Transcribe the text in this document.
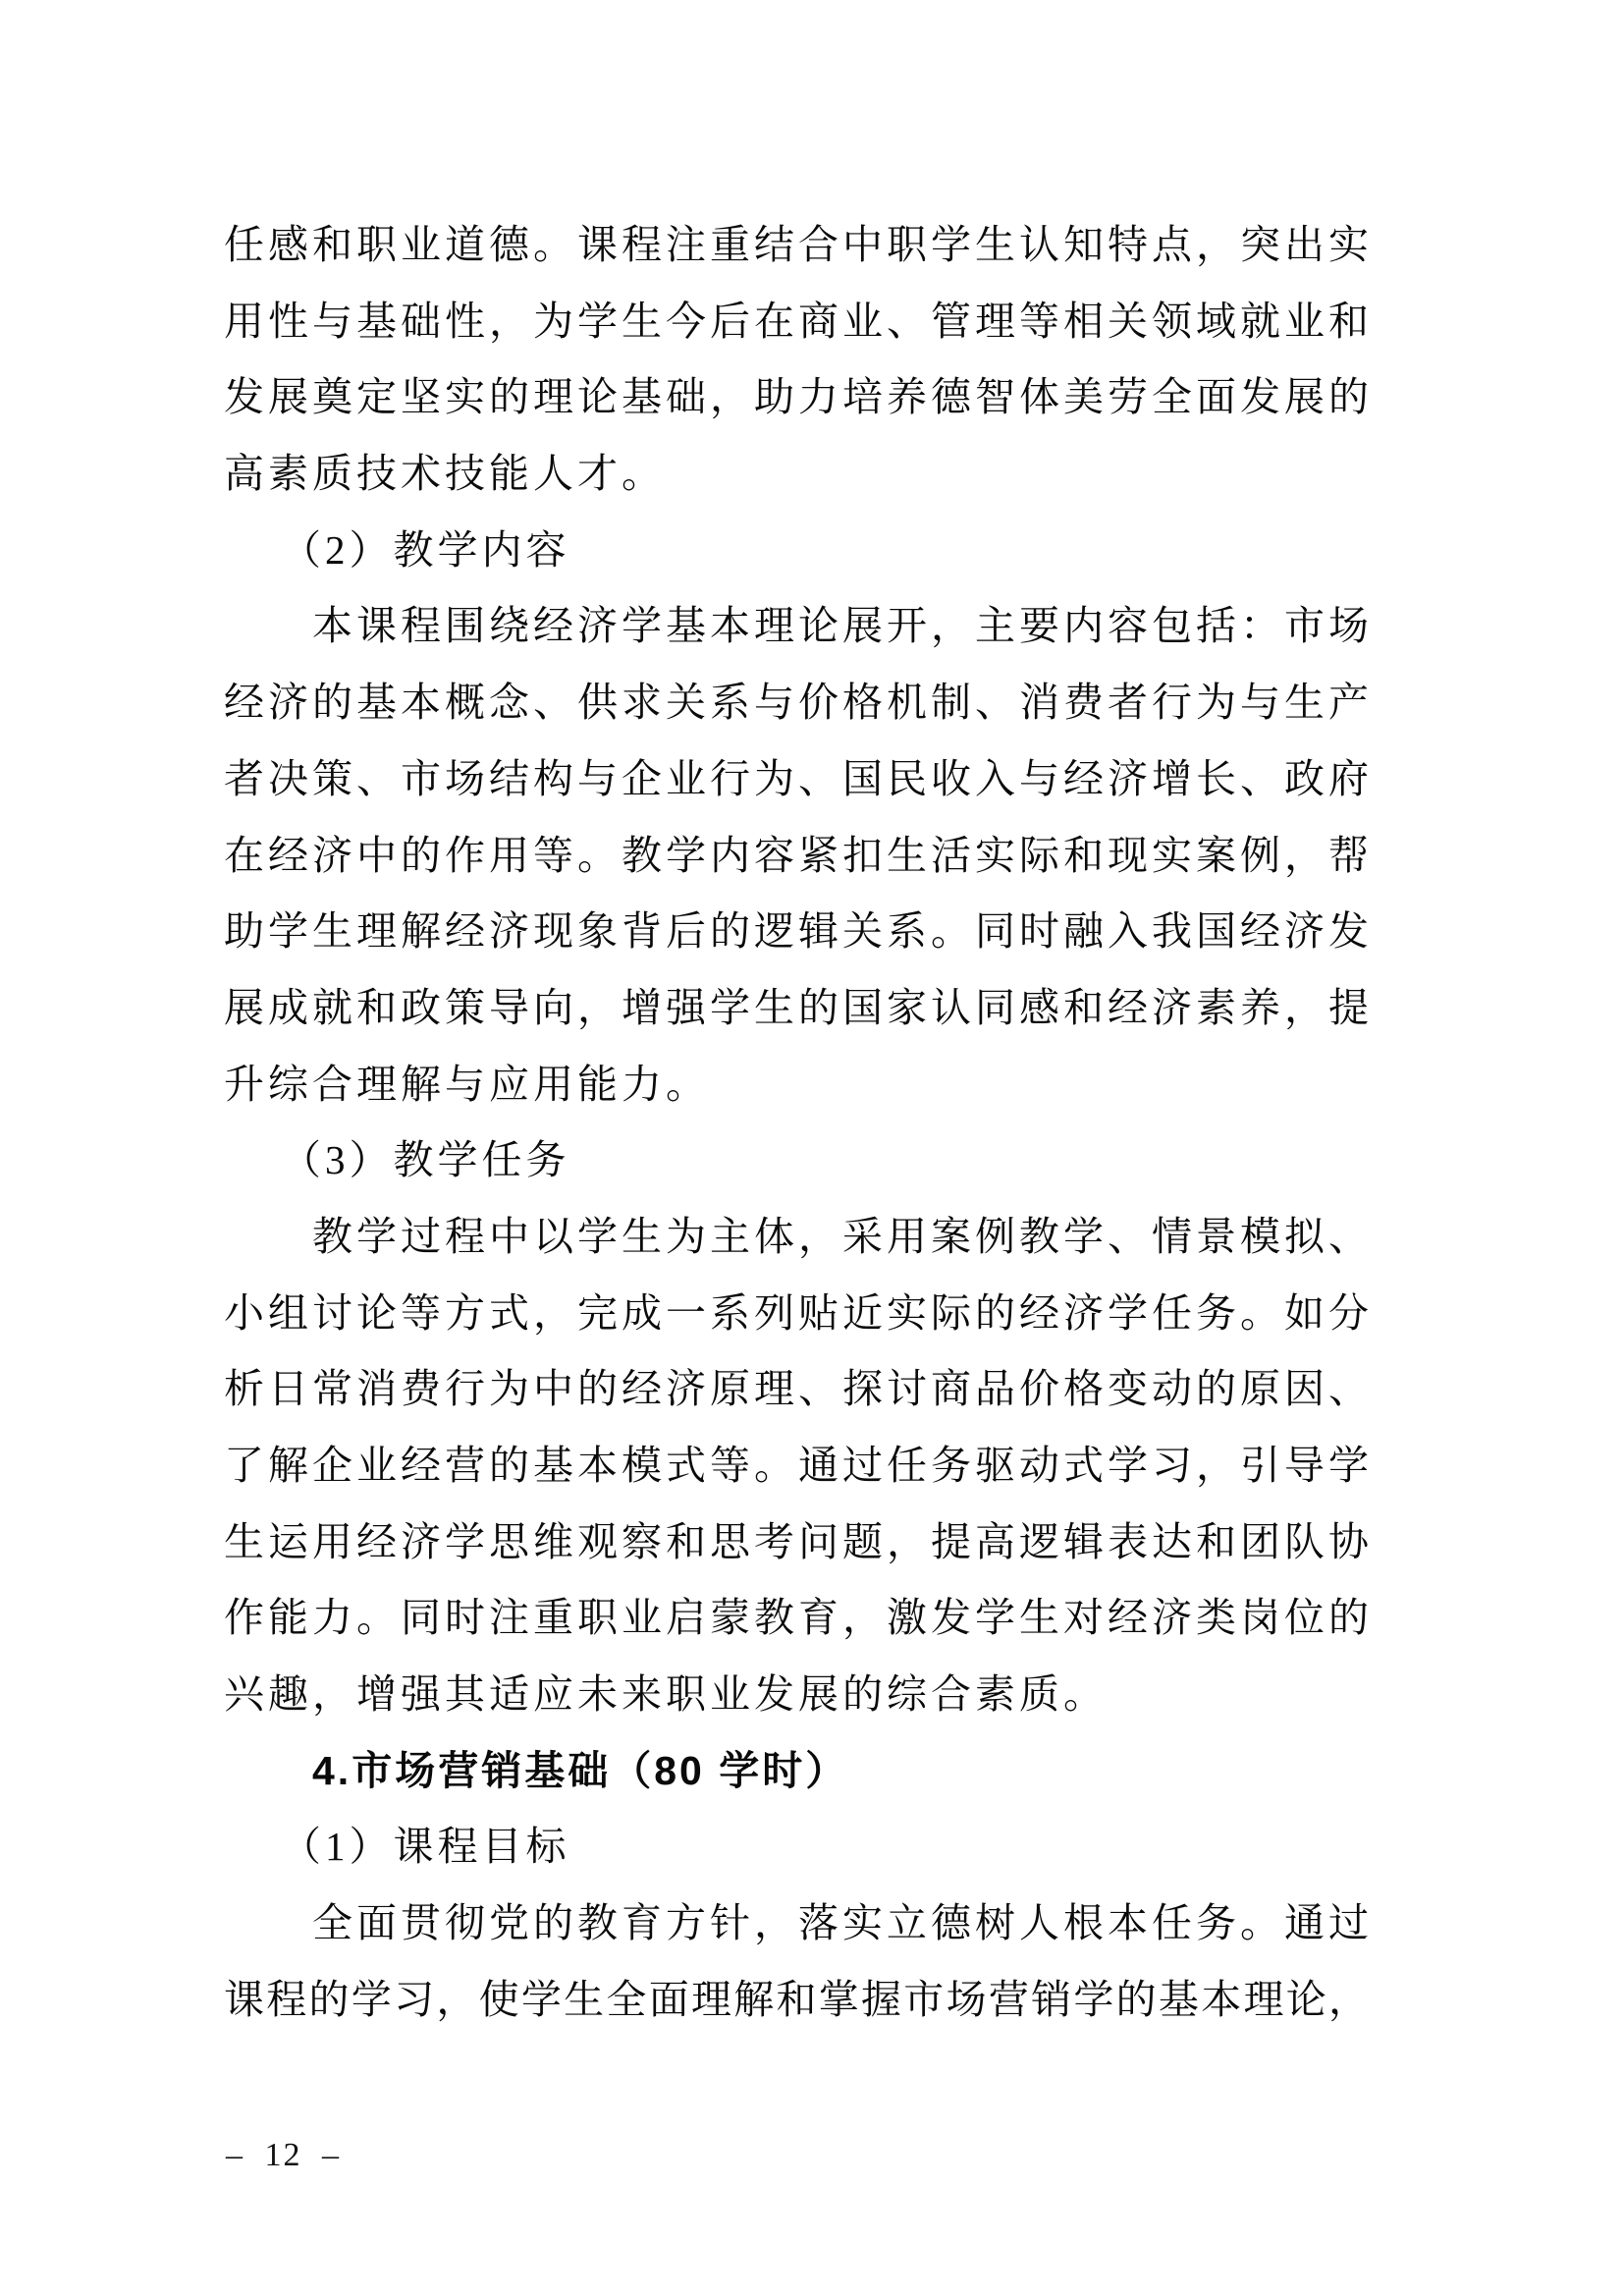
任感和职业道德。课程注重结合中职学生认知特点，突出实
用性与基础性，为学生今后在商业、管理等相关领域就业和
发展奠定坚实的理论基础，助力培养德智体美劳全面发展的
高素质技术技能人才。
（2）教学内容
本课程围绕经济学基本理论展开，主要内容包括：市场
经济的基本概念、供求关系与价格机制、消费者行为与生产
者决策、市场结构与企业行为、国民收入与经济增长、政府
在经济中的作用等。教学内容紧扣生活实际和现实案例，帮
助学生理解经济现象背后的逻辑关系。同时融入我国经济发
展成就和政策导向，增强学生的国家认同感和经济素养，提
升综合理解与应用能力。
（3）教学任务
教学过程中以学生为主体，采用案例教学、情景模拟、
小组讨论等方式，完成一系列贴近实际的经济学任务。如分
析日常消费行为中的经济原理、探讨商品价格变动的原因、
了解企业经营的基本模式等。通过任务驱动式学习，引导学
生运用经济学思维观察和思考问题，提高逻辑表达和团队协
作能力。同时注重职业启蒙教育，激发学生对经济类岗位的
兴趣，增强其适应未来职业发展的综合素质。
4.市场营销基础（80 学时）
（1）课程目标
全面贯彻党的教育方针，落实立德树人根本任务。通过
课程的学习，使学生全面理解和掌握市场营销学的基本理论，
– 12 –
